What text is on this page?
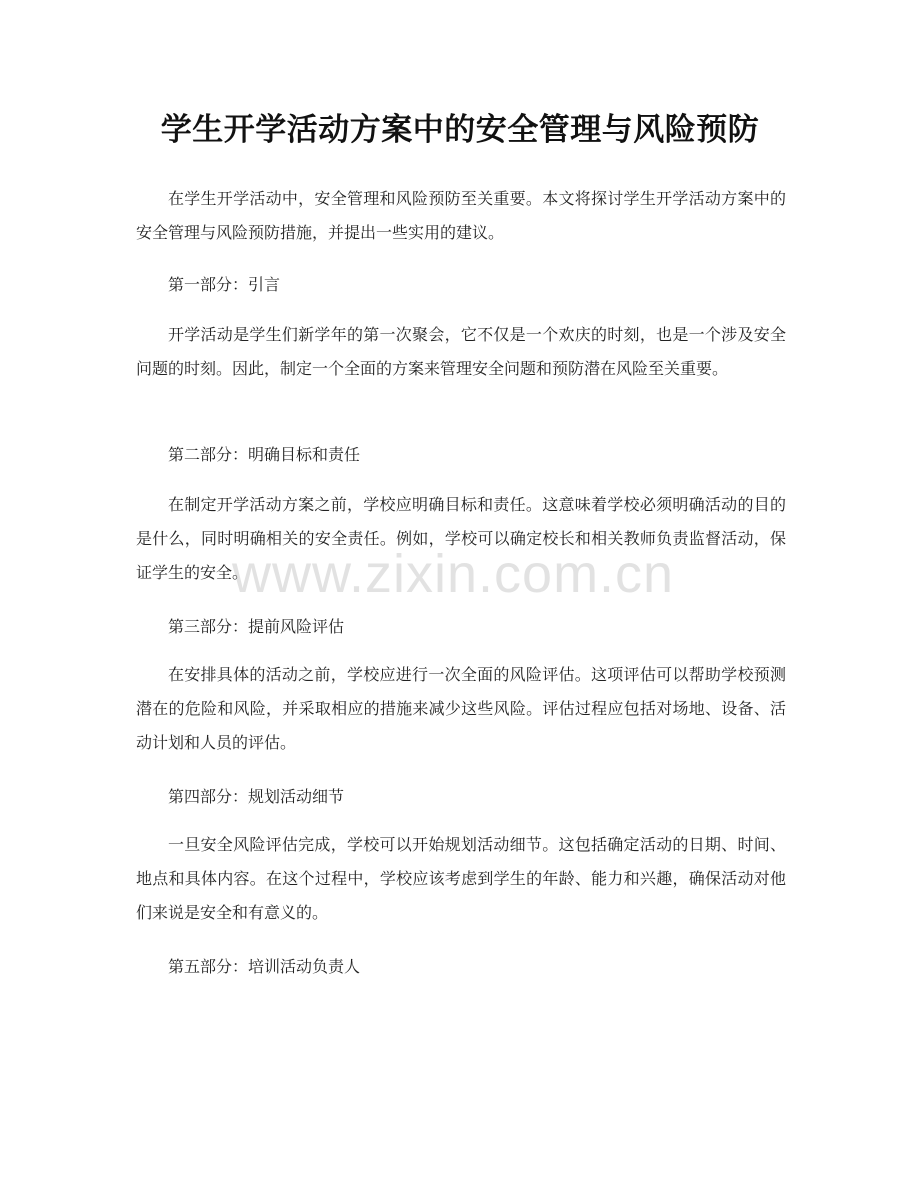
学生开学活动方案中的安全管理与风险预防
在学生开学活动中，安全管理和风险预防至关重要。本文将探讨学生开学活动方案中的安全管理与风险预防措施，并提出一些实用的建议。
第一部分：引言
开学活动是学生们新学年的第一次聚会，它不仅是一个欢庆的时刻，也是一个涉及安全问题的时刻。因此，制定一个全面的方案来管理安全问题和预防潜在风险至关重要。
第二部分：明确目标和责任
在制定开学活动方案之前，学校应明确目标和责任。这意味着学校必须明确活动的目的是什么，同时明确相关的安全责任。例如，学校可以确定校长和相关教师负责监督活动，保证学生的安全。
第三部分：提前风险评估
在安排具体的活动之前，学校应进行一次全面的风险评估。这项评估可以帮助学校预测潜在的危险和风险，并采取相应的措施来减少这些风险。评估过程应包括对场地、设备、活动计划和人员的评估。
第四部分：规划活动细节
一旦安全风险评估完成，学校可以开始规划活动细节。这包括确定活动的日期、时间、地点和具体内容。在这个过程中，学校应该考虑到学生的年龄、能力和兴趣，确保活动对他们来说是安全和有意义的。
第五部分：培训活动负责人
www.zixin.com.cn
